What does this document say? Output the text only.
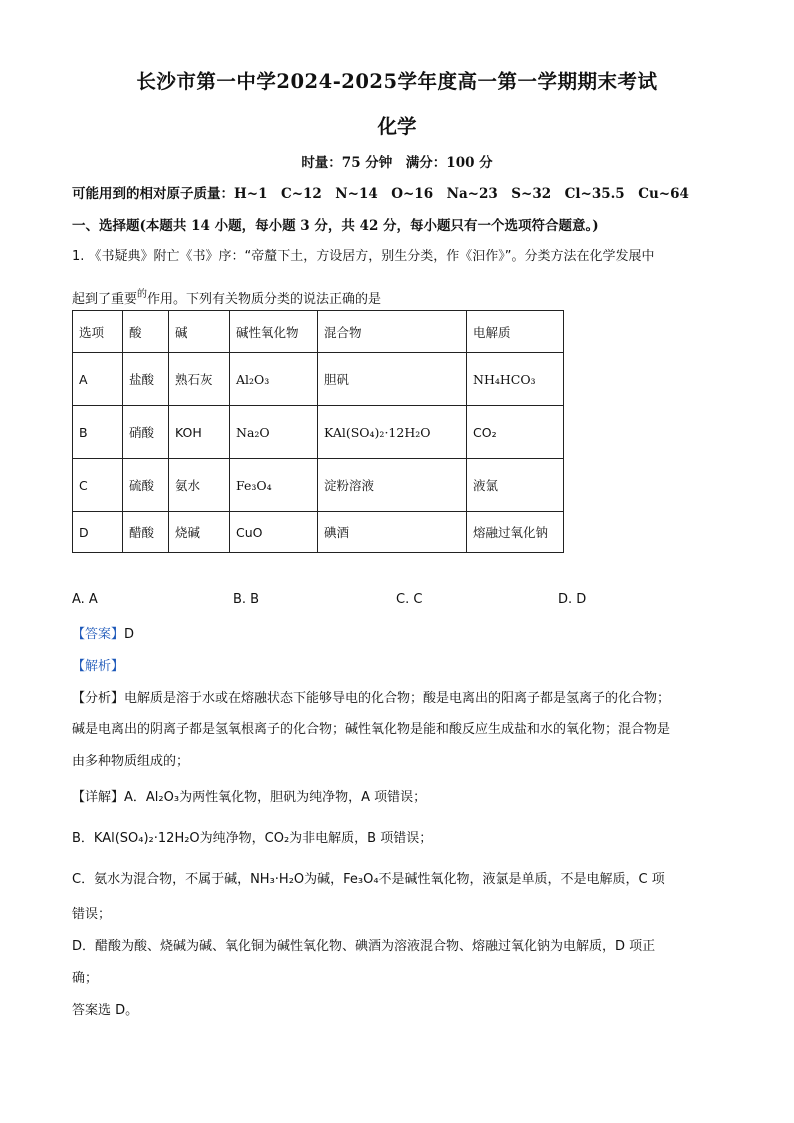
长沙市第一中学2024-2025学年度高一第一学期期末考试
化学
时量：75 分钟　满分：100 分
可能用到的相对原子质量：H~1　C~12　N~14　O~16　Na~23　S~32　Cl~35.5　Cu~64
一、选择题(本题共 14 小题，每小题 3 分，共 42 分，每小题只有一个选项符合题意。)
1. 《书疑典》附亡《书》序：“帝釐下土，方设居方，别生分类，作《汩作》”。分类方法在化学发展中
起到了重要$^的$作用。下列有关物质分类的说法正确的是
选项	酸	碱	碱性氧化物	混合物	电解质
A	盐酸	熟石灰	Al₂O₃	胆矾	NH₄HCO₃
B	硝酸	KOH	Na₂O	KAl(SO₄)₂·12H₂O	CO₂
C	硫酸	氨水	Fe₃O₄	淀粉溶液	液氯
D	醋酸	烧碱	CuO	碘酒	熔融过氧化钠
A. A	B. B	C. C	D. D
【答案】D
【解析】
【分析】电解质是溶于水或在熔融状态下能够导电的化合物；酸是电离出的阳离子都是氢离子的化合物；
碱是电离出的阴离子都是氢氧根离子的化合物；碱性氧化物是能和酸反应生成盐和水的氧化物；混合物是
由多种物质组成的；
【详解】A．Al₂O₃为两性氧化物，胆矾为纯净物，A 项错误；
B．KAl(SO₄)₂·12H₂O为纯净物，CO₂为非电解质，B 项错误；
C．氨水为混合物，不属于碱，NH₃·H₂O为碱，Fe₃O₄不是碱性氧化物，液氯是单质，不是电解质，C 项
错误；
D．醋酸为酸、烧碱为碱、氧化铜为碱性氧化物、碘酒为溶液混合物、熔融过氧化钠为电解质，D 项正
确；
答案选 D。
